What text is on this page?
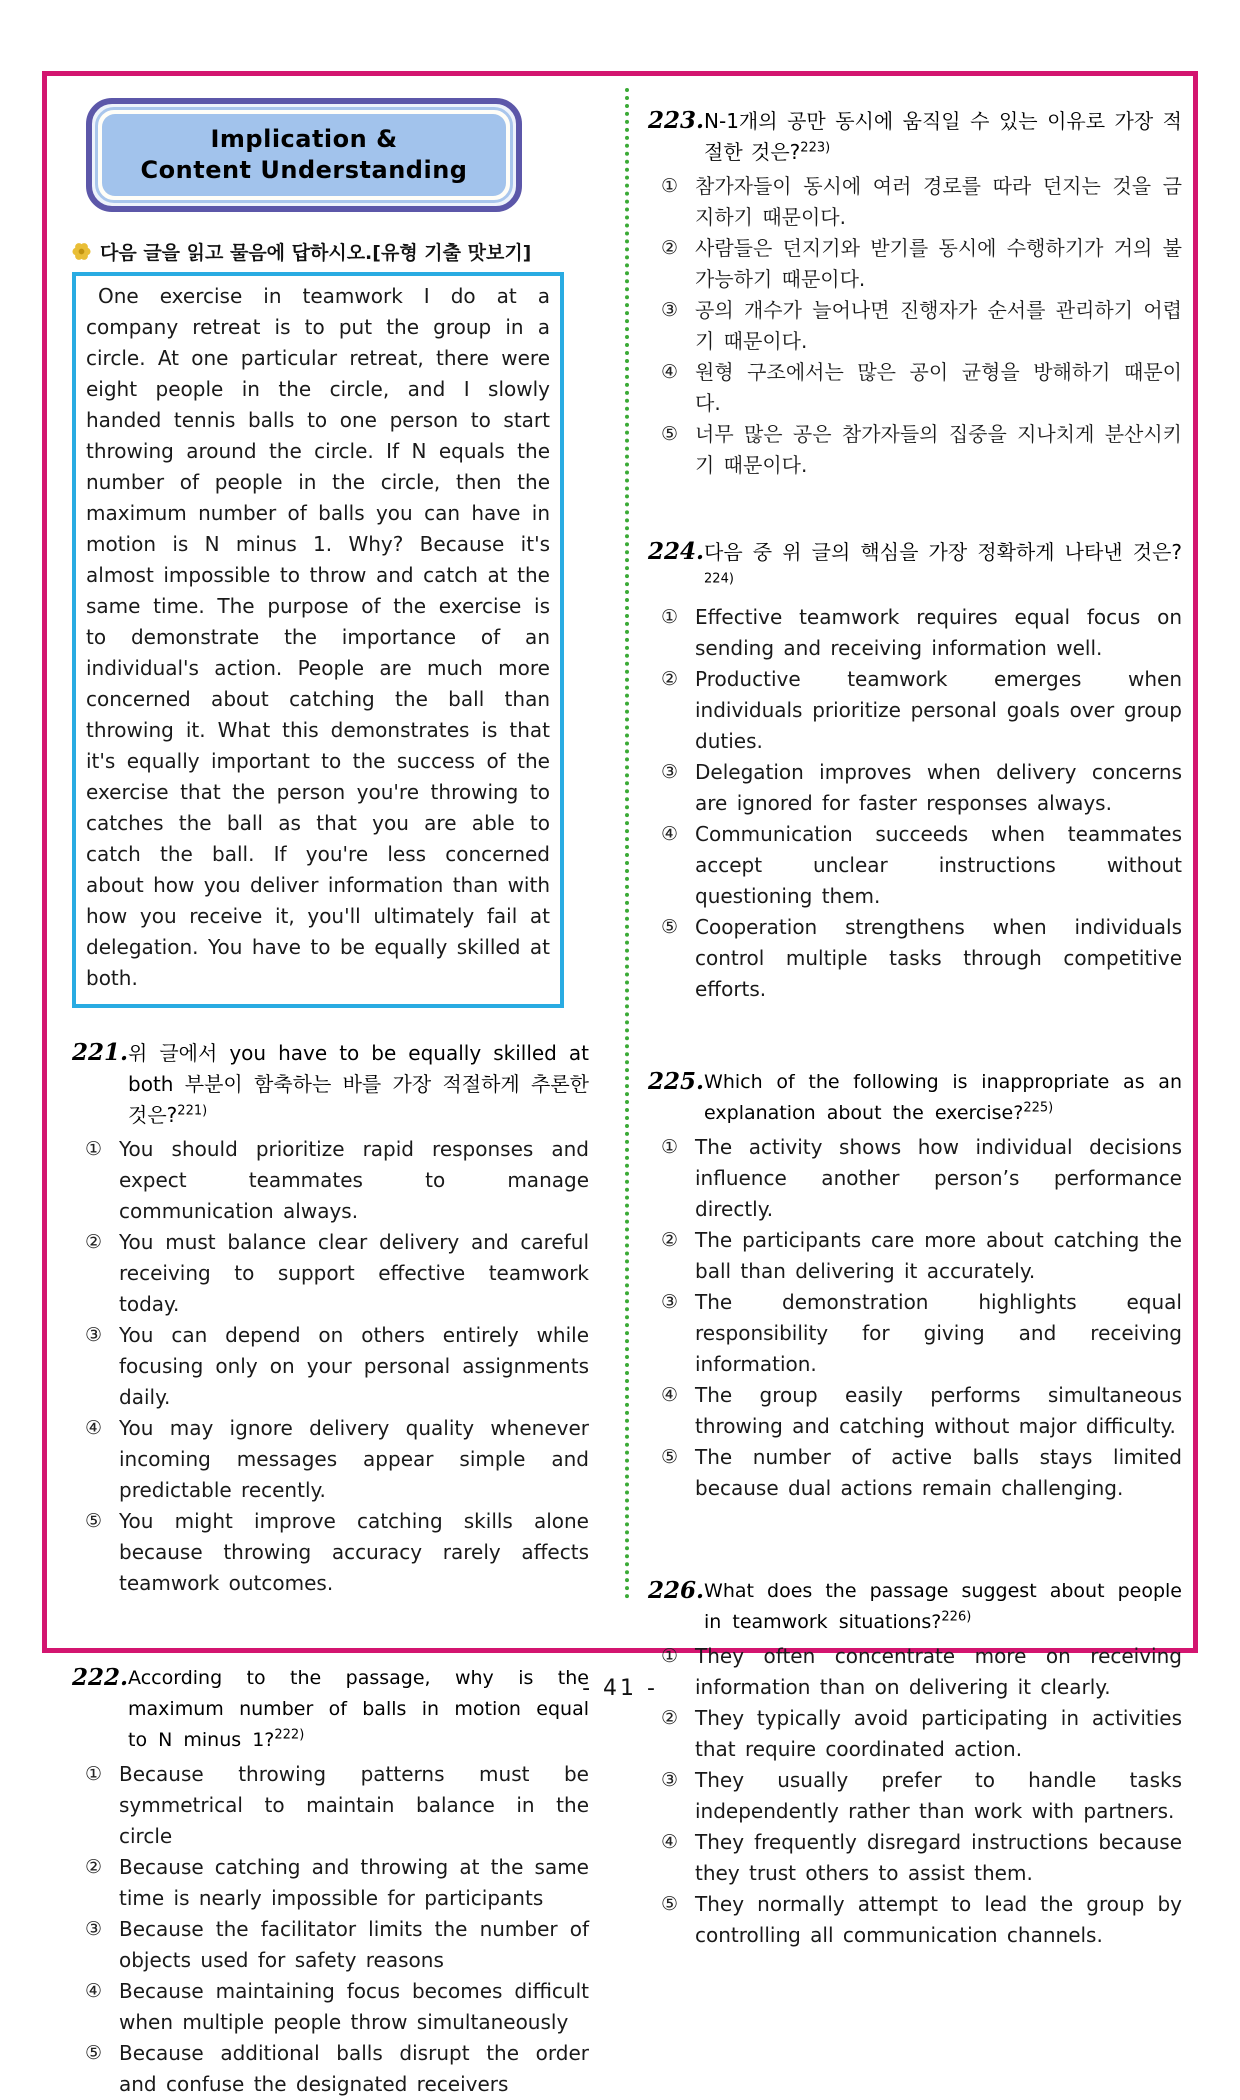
Implication &
Content Understanding
다음 글을 읽고 물음에 답하시오.[유형 기출 맛보기]

One exercise in teamwork I do at a company retreat is to put the group in a circle. At one particular retreat, there were eight people in the circle, and I slowly handed tennis balls to one person to start throwing around the circle. If N equals the number of people in the circle, then the maximum number of balls you can have in motion is N minus 1. Why? Because it's almost impossible to throw and catch at the same time. The purpose of the exercise is to demonstrate the importance of an individual's action. People are much more concerned about catching the ball than throwing it. What this demonstrates is that it's equally important to the success of the exercise that the person you're throwing to catches the ball as that you are able to catch the ball. If you're less concerned about how you deliver information than with how you receive it, you'll ultimately fail at delegation. You have to be equally skilled at both.

221. 위 글에서 you have to be equally skilled at both 부분이 함축하는 바를 가장 적절하게 추론한 것은?$^{221)}$

① You should prioritize rapid responses and expect teammates to manage communication always.

② You must balance clear delivery and careful receiving to support effective teamwork today.

③ You can depend on others entirely while focusing only on your personal assignments daily.

④ You may ignore delivery quality whenever incoming messages appear simple and predictable recently.

⑤ You might improve catching skills alone because throwing accuracy rarely affects teamwork outcomes.

222. According to the passage, why is the maximum number of balls in motion equal to N minus 1?$^{222)}$

① Because throwing patterns must be symmetrical to maintain balance in the circle

② Because catching and throwing at the same time is nearly impossible for participants

③ Because the facilitator limits the number of objects used for safety reasons

④ Because maintaining focus becomes difficult when multiple people throw simultaneously

⑤ Because additional balls disrupt the order and confuse the designated receivers

223. N-1개의 공만 동시에 움직일 수 있는 이유로 가장 적절한 것은?$^{223)}$

① 참가자들이 동시에 여러 경로를 따라 던지는 것을 금지하기 때문이다.

② 사람들은 던지기와 받기를 동시에 수행하기가 거의 불가능하기 때문이다.

③ 공의 개수가 늘어나면 진행자가 순서를 관리하기 어렵기 때문이다.

④ 원형 구조에서는 많은 공이 균형을 방해하기 때문이다.

⑤ 너무 많은 공은 참가자들의 집중을 지나치게 분산시키기 때문이다.

224. 다음 중 위 글의 핵심을 가장 정확하게 나타낸 것은?$^{224)}$

① Effective teamwork requires equal focus on sending and receiving information well.

② Productive teamwork emerges when individuals prioritize personal goals over group duties.

③ Delegation improves when delivery concerns are ignored for faster responses always.

④ Communication succeeds when teammates accept unclear instructions without questioning them.

⑤ Cooperation strengthens when individuals control multiple tasks through competitive efforts.

225. Which of the following is inappropriate as an explanation about the exercise?$^{225)}$

① The activity shows how individual decisions influence another person’s performance directly.

② The participants care more about catching the ball than delivering it accurately.

③ The demonstration highlights equal responsibility for giving and receiving information.

④ The group easily performs simultaneous throwing and catching without major difficulty.

⑤ The number of active balls stays limited because dual actions remain challenging.

226. What does the passage suggest about people in teamwork situations?$^{226)}$

① They often concentrate more on receiving information than on delivering it clearly.

② They typically avoid participating in activities that require coordinated action.

③ They usually prefer to handle tasks independently rather than work with partners.

④ They frequently disregard instructions because they trust others to assist them.

⑤ They normally attempt to lead the group by controlling all communication channels.

- 41 -
